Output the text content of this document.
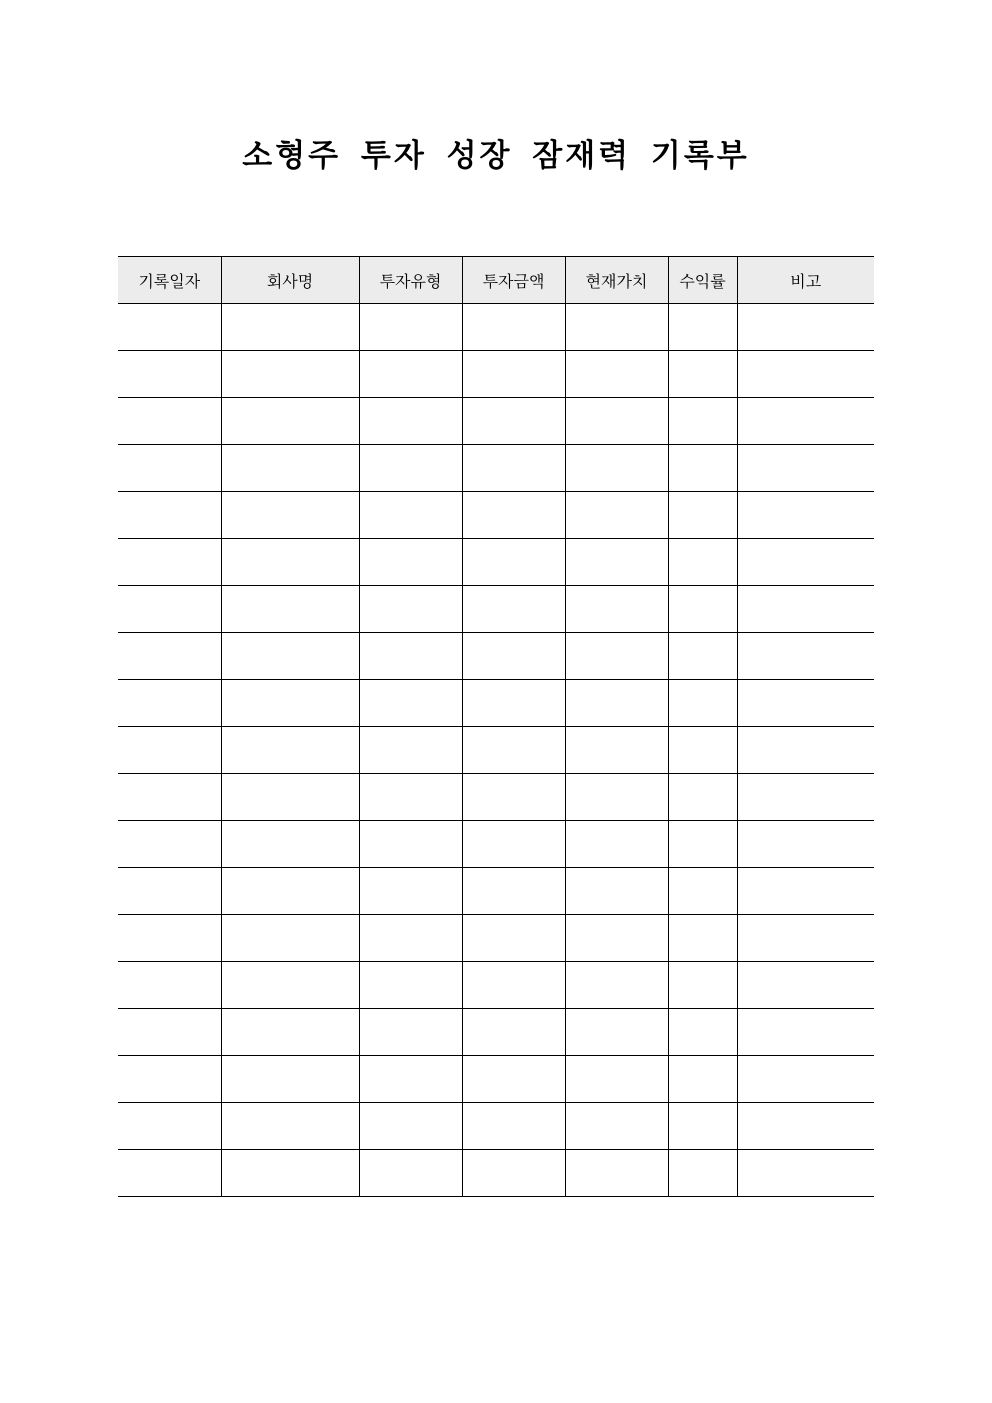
소형주 투자 성장 잠재력 기록부
기록일자	회사명	투자유형	투자금액	현재가치	수익률	비고
